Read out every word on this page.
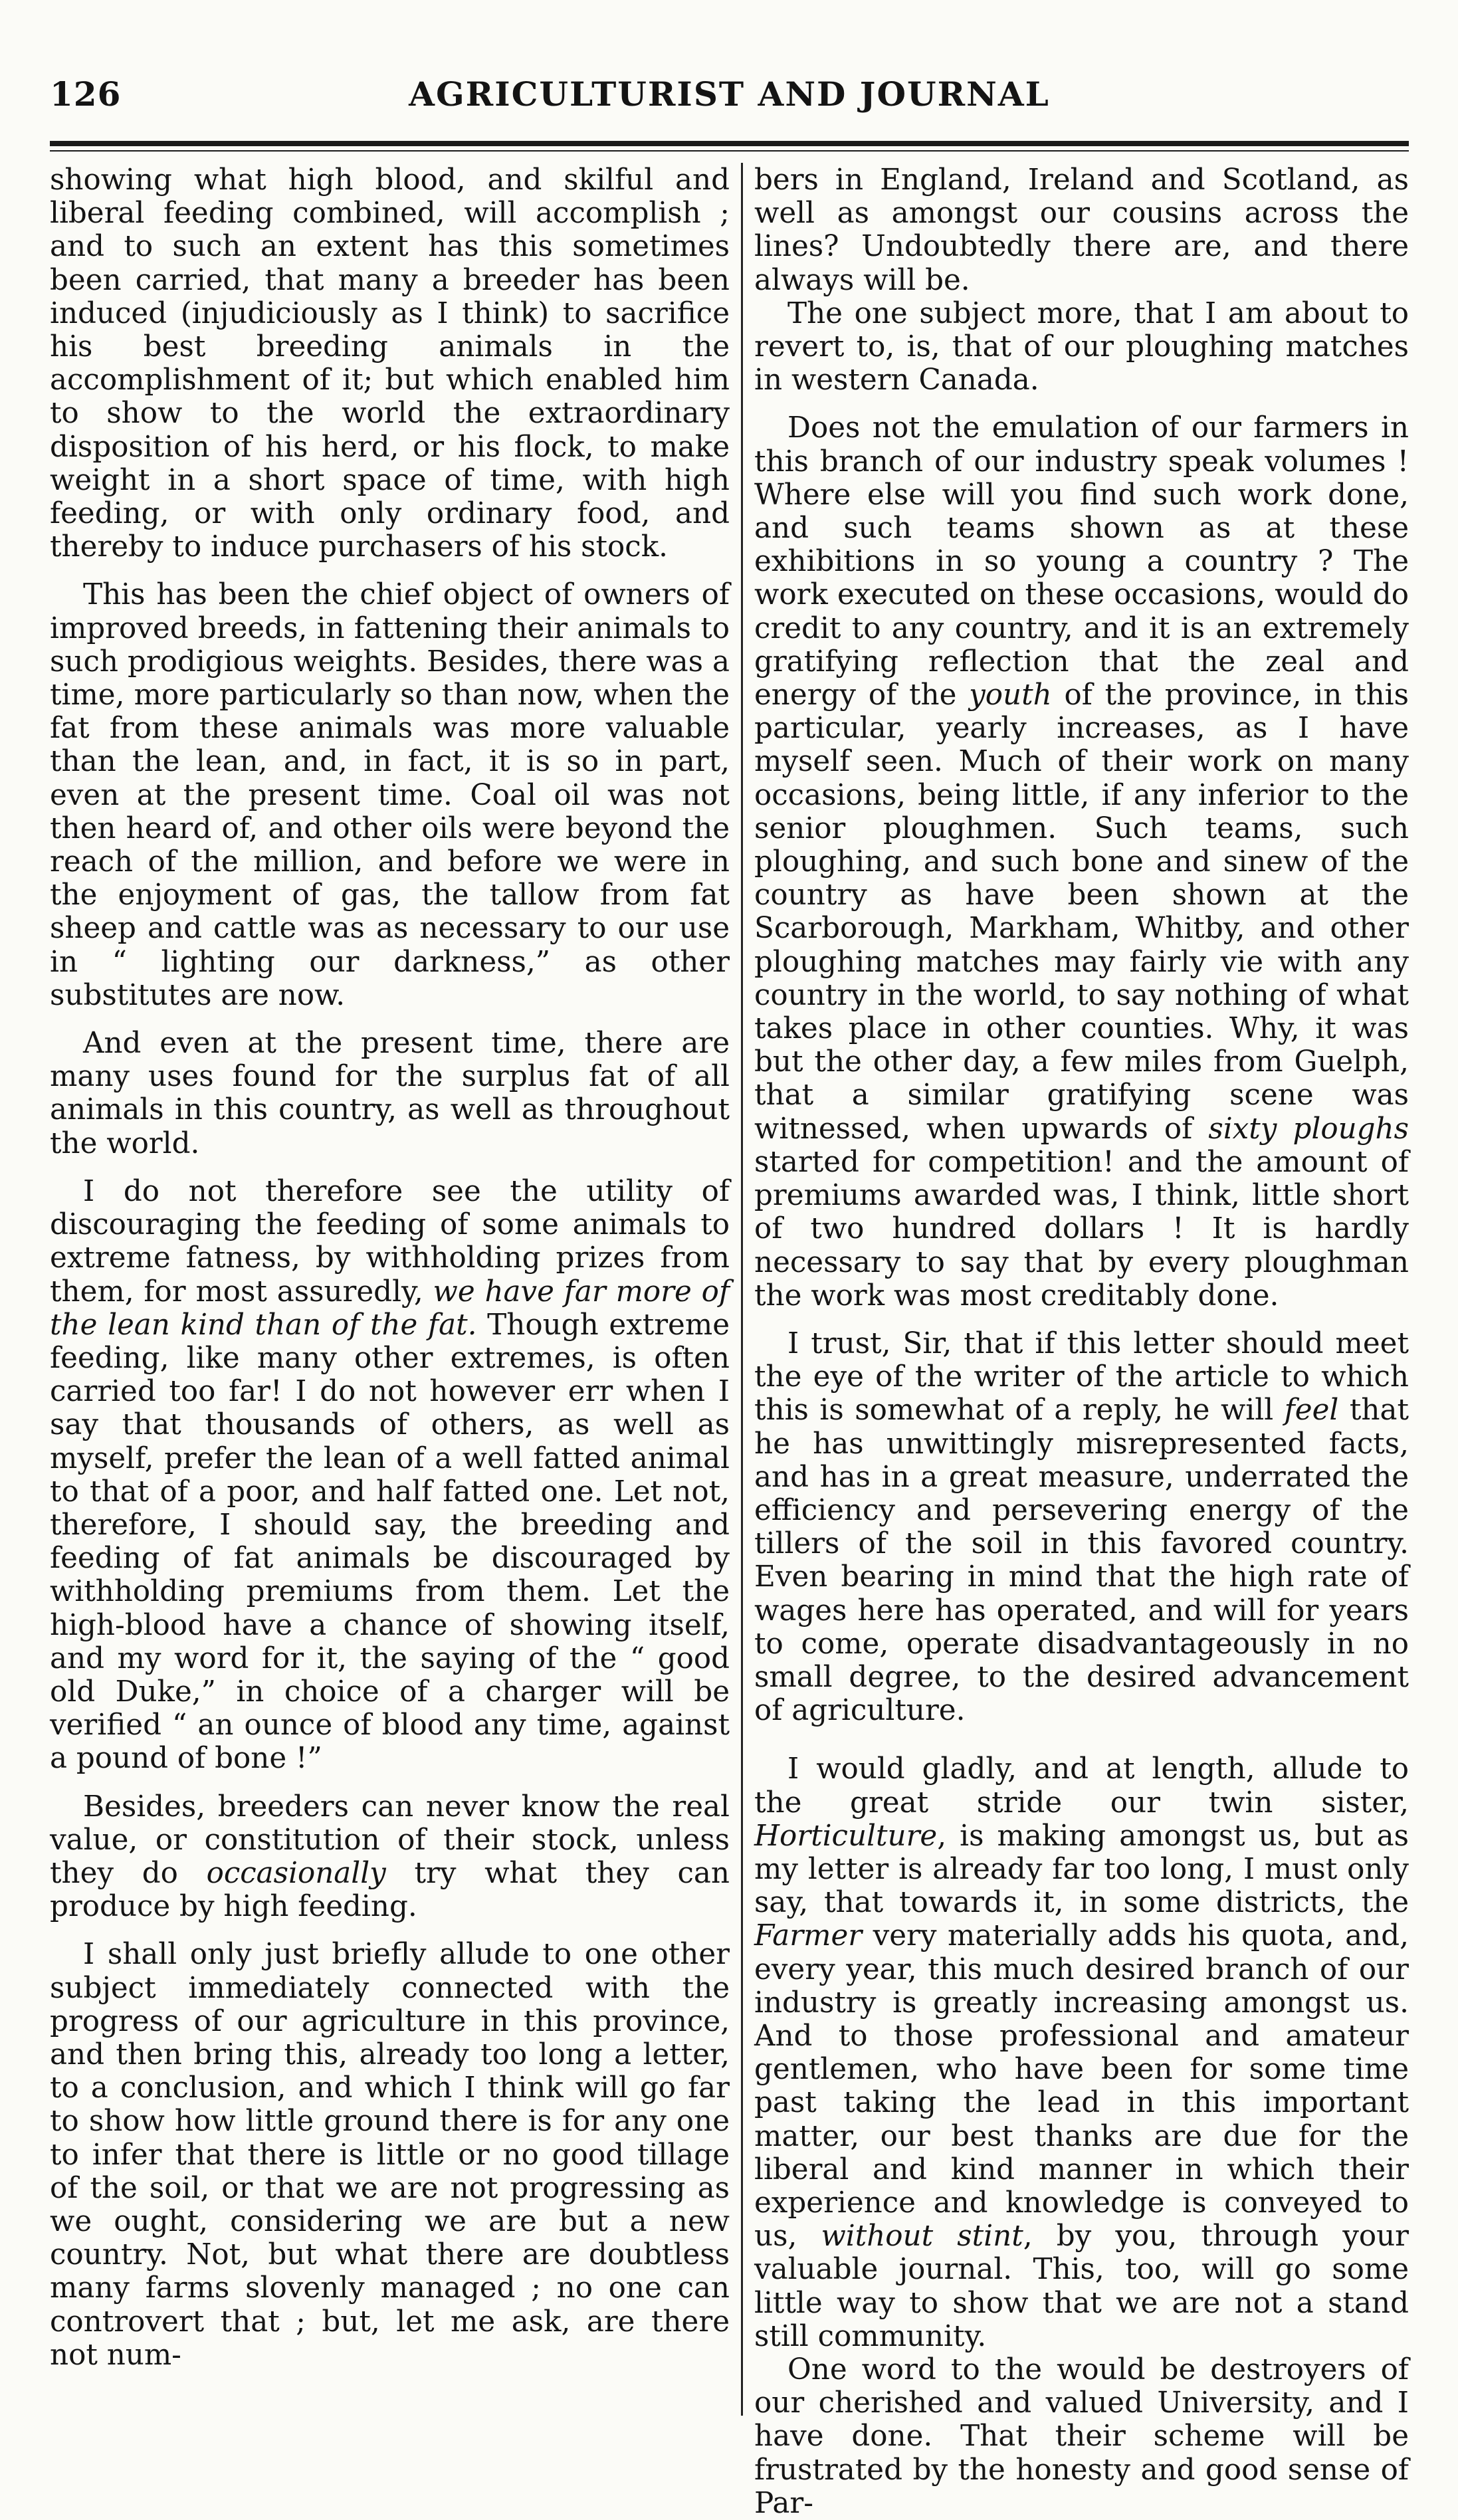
126	AGRICULTURIST AND JOURNAL

showing what high blood, and skilful and liberal feeding combined, will accomplish ; and to such an extent has this sometimes been carried, that many a breeder has been induced (injudiciously as I think) to sacrifice his best breeding animals in the accomplishment of it; but which enabled him to show to the world the extraordinary disposition of his herd, or his flock, to make weight in a short space of time, with high feeding, or with only ordinary food, and thereby to induce purchasers of his stock.

This has been the chief object of owners of improved breeds, in fattening their animals to such prodigious weights. Besides, there was a time, more particularly so than now, when the fat from these animals was more valuable than the lean, and, in fact, it is so in part, even at the present time. Coal oil was not then heard of, and other oils were beyond the reach of the million, and before we were in the enjoyment of gas, the tallow from fat sheep and cattle was as necessary to our use in “ lighting our darkness,” as other substitutes are now.

And even at the present time, there are many uses found for the surplus fat of all animals in this country, as well as throughout the world.

I do not therefore see the utility of discouraging the feeding of some animals to extreme fatness, by withholding prizes from them, for most assuredly, we have far more of the lean kind than of the fat. Though extreme feeding, like many other extremes, is often carried too far! I do not however err when I say that thousands of others, as well as myself, prefer the lean of a well fatted animal to that of a poor, and half fatted one. Let not, therefore, I should say, the breeding and feeding of fat animals be discouraged by withholding premiums from them. Let the high-blood have a chance of showing itself, and my word for it, the saying of the “ good old Duke,” in choice of a charger will be verified “ an ounce of blood any time, against a pound of bone !”

Besides, breeders can never know the real value, or constitution of their stock, unless they do occasionally try what they can produce by high feeding.

I shall only just briefly allude to one other subject immediately connected with the progress of our agriculture in this province, and then bring this, already too long a letter, to a conclusion, and which I think will go far to show how little ground there is for any one to infer that there is little or no good tillage of the soil, or that we are not progressing as we ought, considering we are but a new country. Not, but what there are doubtless many farms slovenly managed ; no one can controvert that ; but, let me ask, are there not num-

bers in England, Ireland and Scotland, as well as amongst our cousins across the lines? Undoubtedly there are, and there always will be.

The one subject more, that I am about to revert to, is, that of our ploughing matches in western Canada.

Does not the emulation of our farmers in this branch of our industry speak volumes ! Where else will you find such work done, and such teams shown as at these exhibitions in so young a country ? The work executed on these occasions, would do credit to any country, and it is an extremely gratifying reflection that the zeal and energy of the youth of the province, in this particular, yearly increases, as I have myself seen. Much of their work on many occasions, being little, if any inferior to the senior ploughmen. Such teams, such ploughing, and such bone and sinew of the country as have been shown at the Scarborough, Markham, Whitby, and other ploughing matches may fairly vie with any country in the world, to say nothing of what takes place in other counties. Why, it was but the other day, a few miles from Guelph, that a similar gratifying scene was witnessed, when upwards of sixty ploughs started for competition! and the amount of premiums awarded was, I think, little short of two hundred dollars ! It is hardly necessary to say that by every ploughman the work was most creditably done.

I trust, Sir, that if this letter should meet the eye of the writer of the article to which this is somewhat of a reply, he will feel that he has unwittingly misrepresented facts, and has in a great measure, underrated the efficiency and persevering energy of the tillers of the soil in this favored country. Even bearing in mind that the high rate of wages here has operated, and will for years to come, operate disadvantageously in no small degree, to the desired advancement of agriculture.

I would gladly, and at length, allude to the great stride our twin sister, Horticulture, is making amongst us, but as my letter is already far too long, I must only say, that towards it, in some districts, the Farmer very materially adds his quota, and, every year, this much desired branch of our industry is greatly increasing amongst us. And to those professional and amateur gentlemen, who have been for some time past taking the lead in this important matter, our best thanks are due for the liberal and kind manner in which their experience and knowledge is conveyed to us, without stint, by you, through your valuable journal. This, too, will go some little way to show that we are not a stand still community.

One word to the would be destroyers of our cherished and valued University, and I have done. That their scheme will be frustrated by the honesty and good sense of Par-
